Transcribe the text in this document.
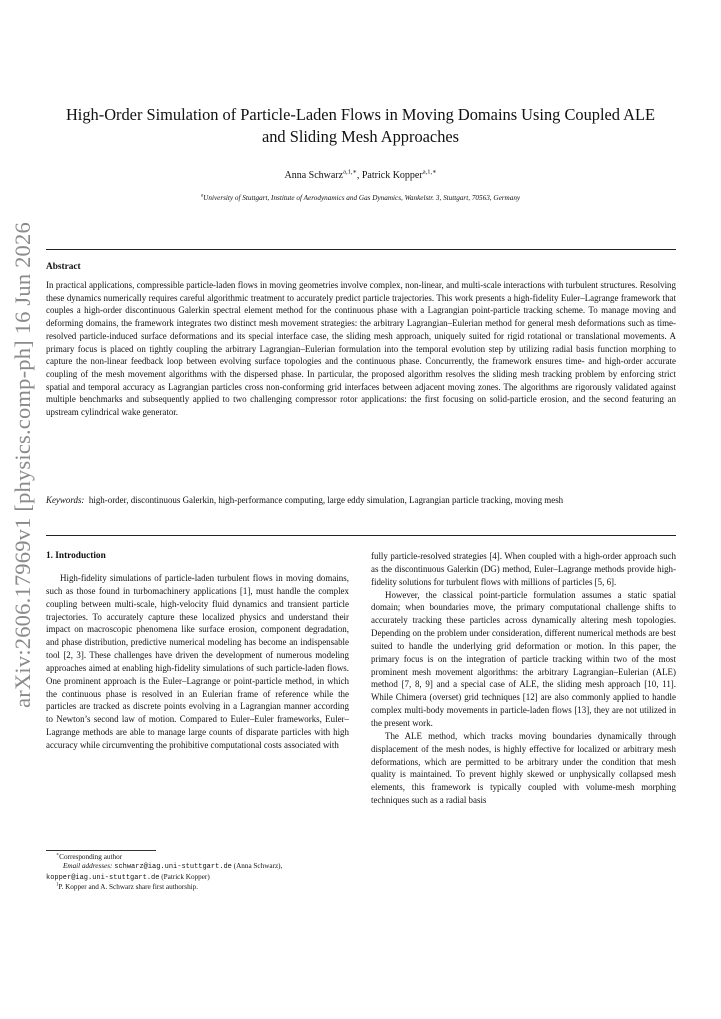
arXiv:2606.17969v1 [physics.comp-ph] 16 Jun 2026
High-Order Simulation of Particle-Laden Flows in Moving Domains Using Coupled ALE
and Sliding Mesh Approaches
Anna Schwarz$^{a,1,∗}$, Patrick Kopper$^{a,1,∗}$
$^a$University of Stuttgart, Institute of Aerodynamics and Gas Dynamics, Wankelstr. 3, Stuttgart, 70563, Germany
Abstract
In practical applications, compressible particle-laden flows in moving geometries involve complex, non-linear, and multi-scale interactions with turbulent structures. Resolving these dynamics numerically requires careful algorithmic treatment to accurately predict particle trajectories. This work presents a high-fidelity Euler–Lagrange framework that couples a high-order discontinuous Galerkin spectral element method for the continuous phase with a Lagrangian point-particle tracking scheme. To manage moving and deforming domains, the framework integrates two distinct mesh movement strategies: the arbitrary Lagrangian–Eulerian method for general mesh deformations such as time-resolved particle-induced surface deformations and its special interface case, the sliding mesh approach, uniquely suited for rigid rotational or translational movements. A primary focus is placed on tightly coupling the arbitrary Lagrangian–Eulerian formulation into the temporal evolution step by utilizing radial basis function morphing to capture the non-linear feedback loop between evolving surface topologies and the continuous phase. Concurrently, the framework ensures time- and high-order accurate coupling of the mesh movement algorithms with the dispersed phase. In particular, the proposed algorithm resolves the sliding mesh tracking problem by enforcing strict spatial and temporal accuracy as Lagrangian particles cross non-conforming grid interfaces between adjacent moving zones. The algorithms are rigorously validated against multiple benchmarks and subsequently applied to two challenging compressor rotor applications: the first focusing on solid-particle erosion, and the second featuring an upstream cylindrical wake generator.
Keywords: high-order, discontinuous Galerkin, high-performance computing, large eddy simulation, Lagrangian particle tracking, moving mesh
1. Introduction

High-fidelity simulations of particle-laden turbulent flows in moving domains, such as those found in turbomachinery applications [1], must handle the complex coupling between multi-scale, high-velocity fluid dynamics and transient particle trajectories. To accurately capture these localized physics and understand their impact on macroscopic phenomena like surface erosion, component degradation, and phase distribution, predictive numerical modeling has become an indispensable tool [2, 3]. These challenges have driven the development of numerous modeling approaches aimed at enabling high-fidelity simulations of such particle-laden flows. One prominent approach is the Euler–Lagrange or point-particle method, in which the continuous phase is resolved in an Eulerian frame of reference while the particles are tracked as discrete points evolving in a Lagrangian manner according to Newton’s second law of motion. Compared to Euler–Euler frameworks, Euler–Lagrange methods are able to manage large counts of disparate particles with high accuracy while circumventing the prohibitive computational costs associated with

fully particle-resolved strategies [4]. When coupled with a high-order approach such as the discontinuous Galerkin (DG) method, Euler–Lagrange methods provide high-fidelity solutions for turbulent flows with millions of particles [5, 6].

However, the classical point-particle formulation assumes a static spatial domain; when boundaries move, the primary computational challenge shifts to accurately tracking these particles across dynamically altering mesh topologies. Depending on the problem under consideration, different numerical methods are best suited to handle the underlying grid deformation or motion. In this paper, the primary focus is on the integration of particle tracking within two of the most prominent mesh movement algorithms: the arbitrary Lagrangian–Eulerian (ALE) method [7, 8, 9] and a special case of ALE, the sliding mesh approach [10, 11]. While Chimera (overset) grid techniques [12] are also commonly applied to handle complex multi-body movements in particle-laden flows [13], they are not utilized in the present work.

The ALE method, which tracks moving boundaries dynamically through displacement of the mesh nodes, is highly effective for localized or arbitrary mesh deformations, which are permitted to be arbitrary under the condition that mesh quality is maintained. To prevent highly skewed or unphysically collapsed mesh elements, this framework is typically coupled with volume-mesh morphing techniques such as a radial basis

∗Corresponding author
Email addresses: schwarz@iag.uni-stuttgart.de (Anna Schwarz),
kopper@iag.uni-stuttgart.de (Patrick Kopper)
$^1$P. Kopper and A. Schwarz share first authorship.
